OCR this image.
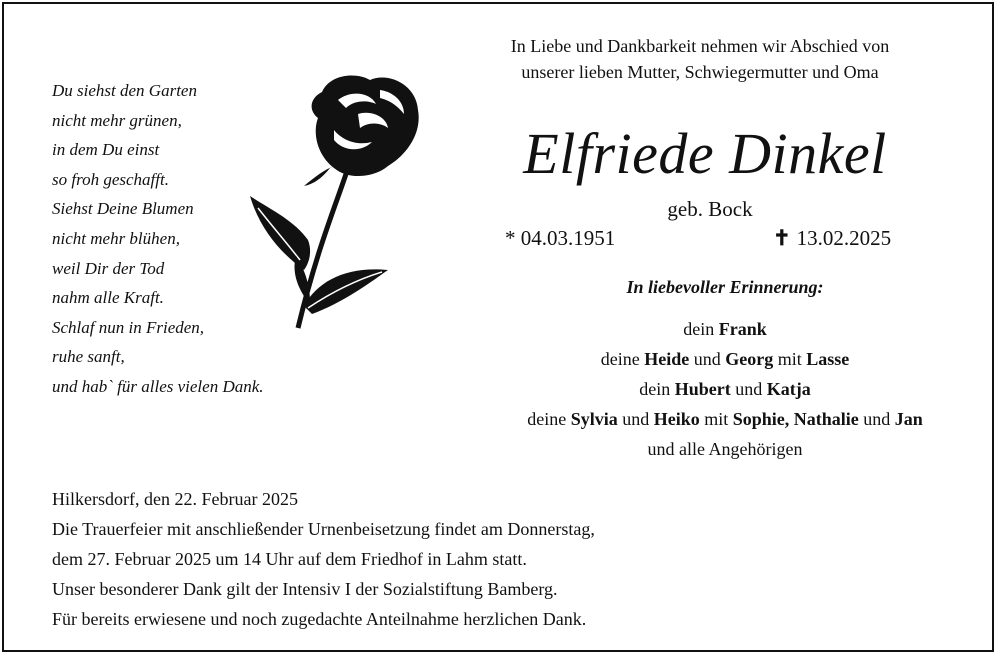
Du siehst den Garten
nicht mehr grünen,
in dem Du einst
so froh geschafft.
Siehst Deine Blumen
nicht mehr blühen,
weil Dir der Tod
nahm alle Kraft.
Schlaf nun in Frieden,
ruhe sanft,
und hab` für alles vielen Dank.
In Liebe und Dankbarkeit nehmen wir Abschied von
unserer lieben Mutter, Schwiegermutter und Oma
Elfriede Dinkel
geb. Bock
* 04.03.1951	✝ 13.02.2025
In liebevoller Erinnerung:
dein Frank
deine Heide und Georg mit Lasse
dein Hubert und Katja
deine Sylvia und Heiko mit Sophie, Nathalie und Jan
und alle Angehörigen
Hilkersdorf, den 22. Februar 2025
Die Trauerfeier mit anschließender Urnenbeisetzung findet am Donnerstag,
dem 27. Februar 2025 um 14 Uhr auf dem Friedhof in Lahm statt.
Unser besonderer Dank gilt der Intensiv I der Sozialstiftung Bamberg.
Für bereits erwiesene und noch zugedachte Anteilnahme herzlichen Dank.
